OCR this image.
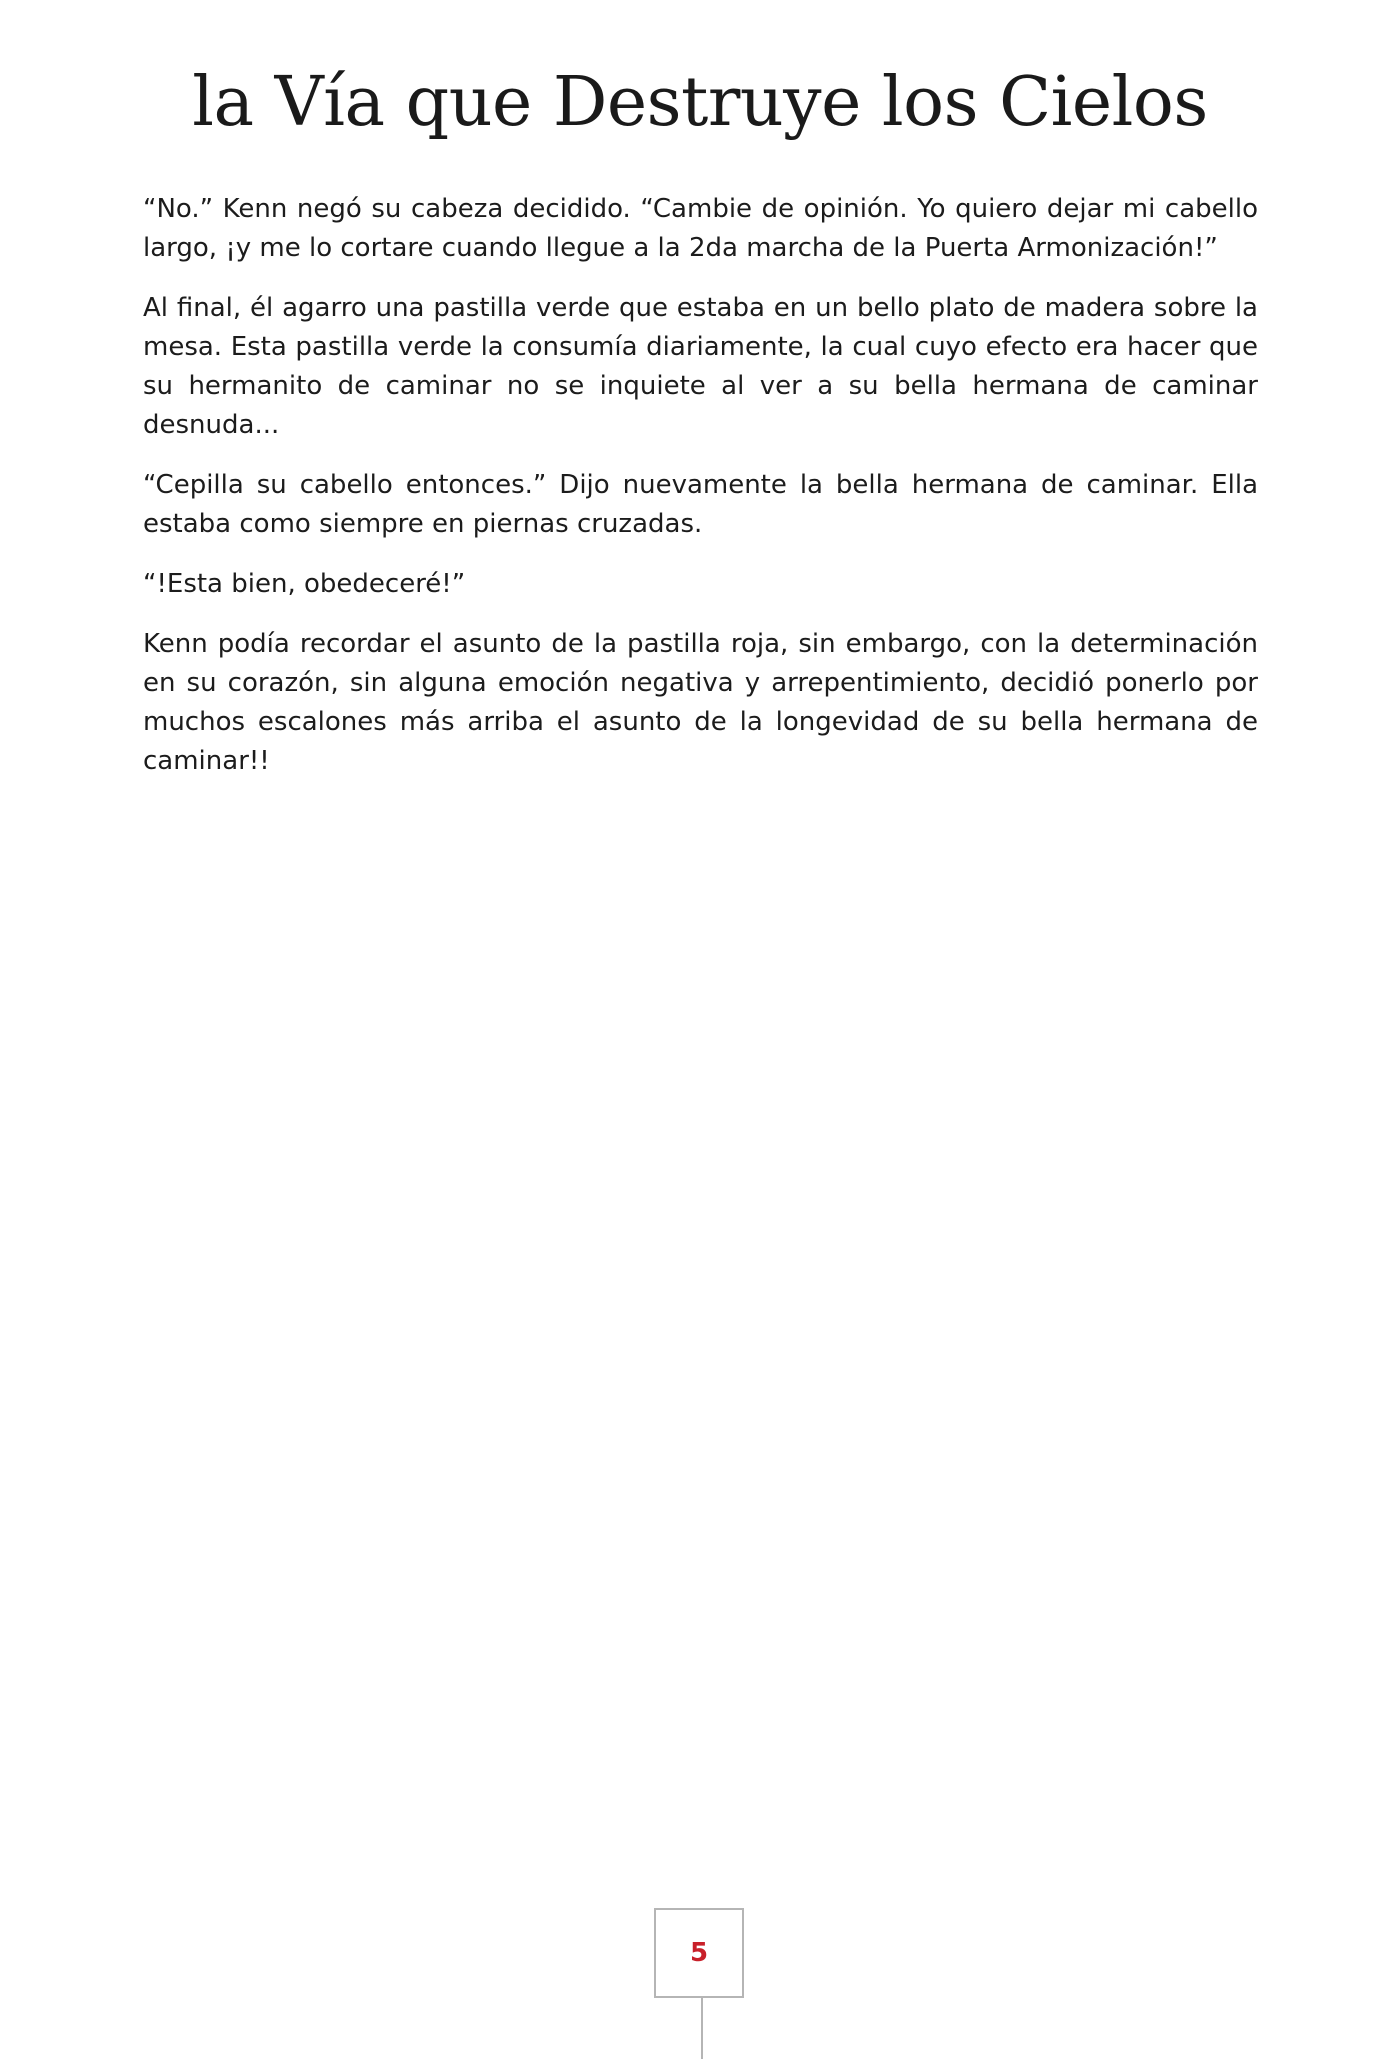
la Vía que Destruye los Cielos

“No.” Kenn negó su cabeza decidido. “Cambie de opinión. Yo quiero dejar mi cabello largo, ¡y me lo cortare cuando llegue a la 2da marcha de la Puerta Armonización!”

Al final, él agarro una pastilla verde que estaba en un bello plato de madera sobre la mesa. Esta pastilla verde la consumía diariamente, la cual cuyo efecto era hacer que su hermanito de caminar no se inquiete al ver a su bella hermana de caminar desnuda...

“Cepilla su cabello entonces.” Dijo nuevamente la bella hermana de caminar. Ella estaba como siempre en piernas cruzadas.

“!Esta bien, obedeceré!”

Kenn podía recordar el asunto de la pastilla roja, sin embargo, con la determinación en su corazón, sin alguna emoción negativa y arrepentimiento, decidió ponerlo por muchos escalones más arriba el asunto de la longevidad de su bella hermana de caminar!!

5
